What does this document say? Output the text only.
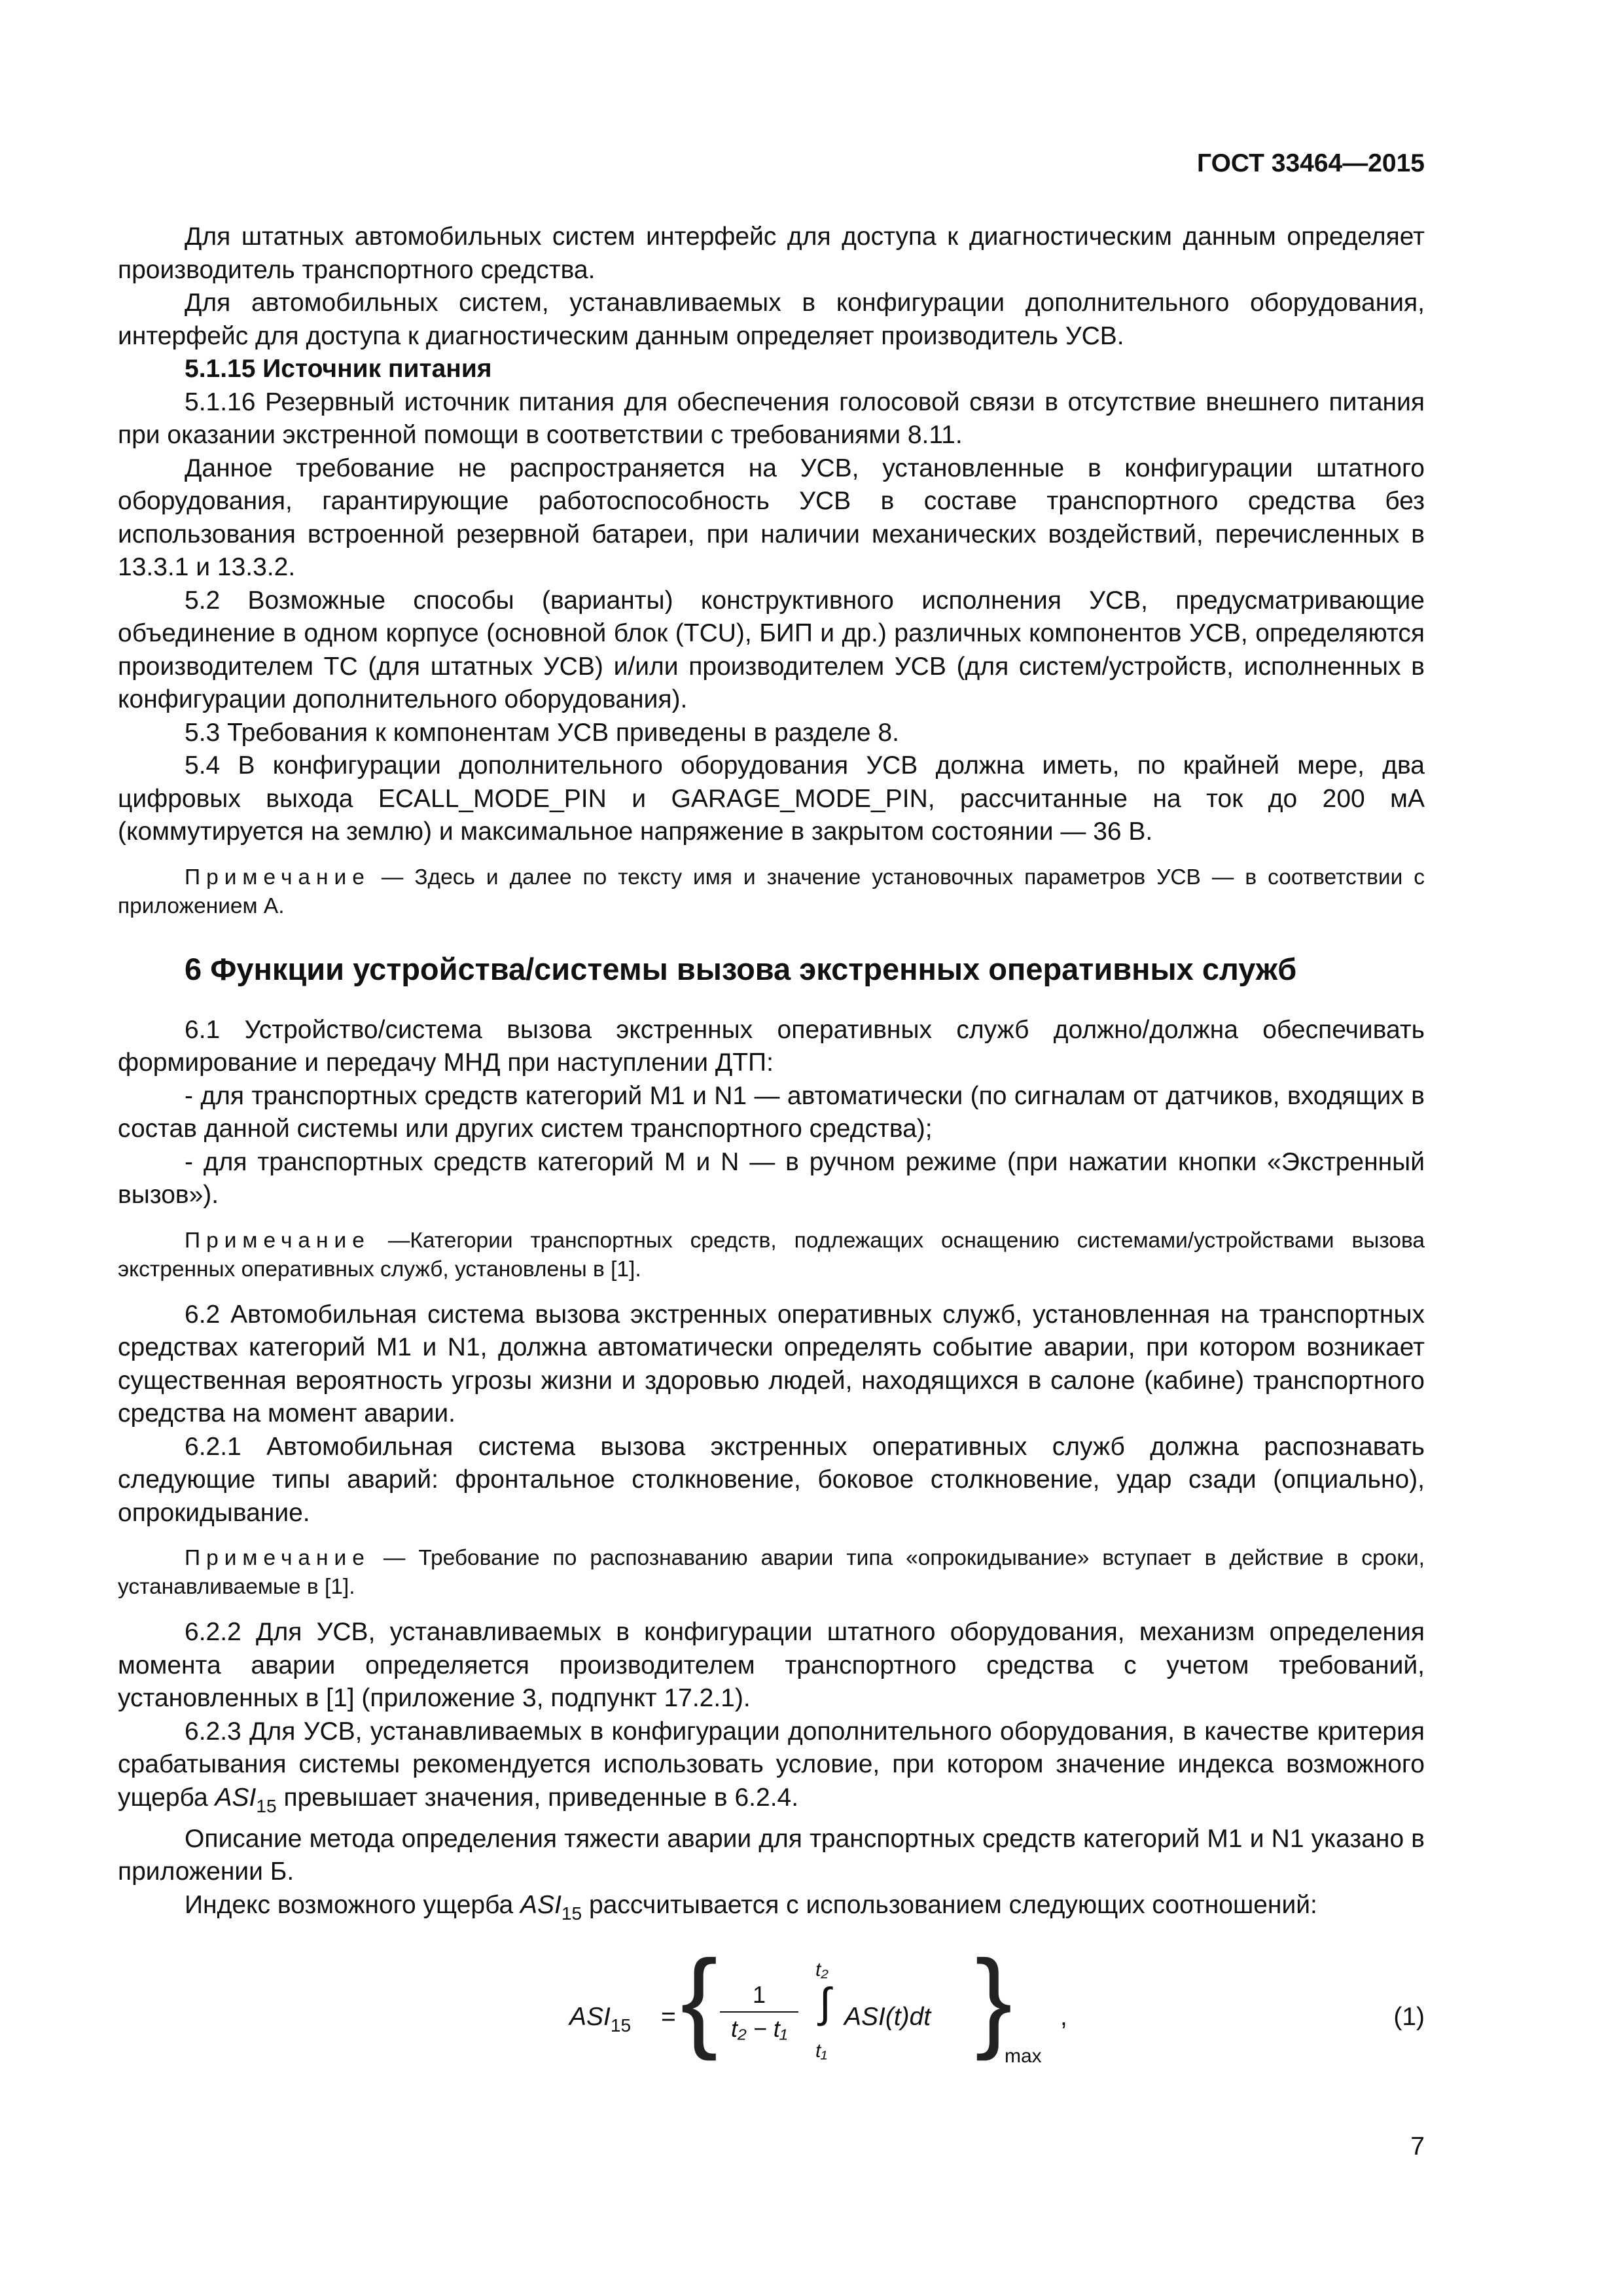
ГОСТ 33464—2015

Для штатных автомобильных систем интерфейс для доступа к диагностическим данным определяет производитель транспортного средства.

Для автомобильных систем, устанавливаемых в конфигурации дополнительного оборудования, интерфейс для доступа к диагностическим данным определяет производитель УСВ.

5.1.15 Источник питания

5.1.16 Резервный источник питания для обеспечения голосовой связи в отсутствие внешнего питания при оказании экстренной помощи в соответствии с требованиями 8.11.

Данное требование не распространяется на УСВ, установленные в конфигурации штатного оборудования, гарантирующие работоспособность УСВ в составе транспортного средства без использования встроенной резервной батареи, при наличии механических воздействий, перечисленных в 13.3.1 и 13.3.2.

5.2 Возможные способы (варианты) конструктивного исполнения УСВ, предусматривающие объединение в одном корпусе (основной блок (TCU), БИП и др.) различных компонентов УСВ, определяются производителем ТС (для штатных УСВ) и/или производителем УСВ (для систем/устройств, исполненных в конфигурации дополнительного оборудования).

5.3 Требования к компонентам УСВ приведены в разделе 8.

5.4 В конфигурации дополнительного оборудования УСВ должна иметь, по крайней мере, два цифровых выхода ECALL_MODE_PIN и GARAGE_MODE_PIN, рассчитанные на ток до 200 мА (коммутируется на землю) и максимальное напряжение в закрытом состоянии — 36 В.

Примечание — Здесь и далее по тексту имя и значение установочных параметров УСВ — в соответствии с приложением А.

6 Функции устройства/системы вызова экстренных оперативных служб

6.1 Устройство/система вызова экстренных оперативных служб должно/должна обеспечивать формирование и передачу МНД при наступлении ДТП:

- для транспортных средств категорий М1 и N1 — автоматически (по сигналам от датчиков, входящих в состав данной системы или других систем транспортного средства);

- для транспортных средств категорий М и N — в ручном режиме (при нажатии кнопки «Экстренный вызов»).

Примечание —Категории транспортных средств, подлежащих оснащению системами/устройствами вызова экстренных оперативных служб, установлены в [1].

6.2 Автомобильная система вызова экстренных оперативных служб, установленная на транспортных средствах категорий М1 и N1, должна автоматически определять событие аварии, при котором возникает существенная вероятность угрозы жизни и здоровью людей, находящихся в салоне (кабине) транспортного средства на момент аварии.

6.2.1 Автомобильная система вызова экстренных оперативных служб должна распознавать следующие типы аварий: фронтальное столкновение, боковое столкновение, удар сзади (опциально), опрокидывание.

Примечание — Требование по распознаванию аварии типа «опрокидывание» вступает в действие в сроки, устанавливаемые в [1].

6.2.2 Для УСВ, устанавливаемых в конфигурации штатного оборудования, механизм определения момента аварии определяется производителем транспортного средства с учетом требований, установленных в [1] (приложение 3, подпункт 17.2.1).

6.2.3 Для УСВ, устанавливаемых в конфигурации дополнительного оборудования, в качестве критерия срабатывания системы рекомендуется использовать условие, при котором значение индекса возможного ущерба $ASI_{15}$ превышает значения, приведенные в 6.2.4.

Описание метода определения тяжести аварии для транспортных средств категорий М1 и N1 указано в приложении Б.

Индекс возможного ущерба $ASI_{15}$ рассчитывается с использованием следующих соотношений:

$ASI_{15}$ = { $\frac{1}{\text{t₂ − t₁}}$
t₂
∫
t₁
ASI(t)dt }
max
,	(1)
7
